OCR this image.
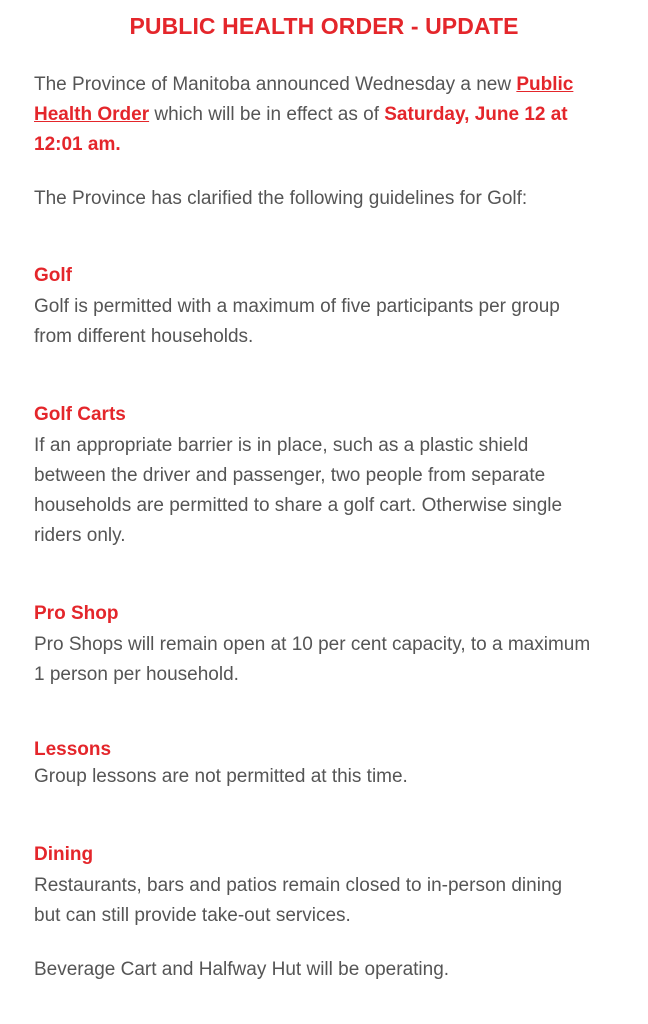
PUBLIC HEALTH ORDER - UPDATE

The Province of Manitoba announced Wednesday a new Public
Health Order which will be in effect as of Saturday, June 12 at
12:01 am.

The Province has clarified the following guidelines for Golf:

Golf

Golf is permitted with a maximum of five participants per group
from different households.

Golf Carts

If an appropriate barrier is in place, such as a plastic shield
between the driver and passenger, two people from separate
households are permitted to share a golf cart. Otherwise single
riders only.

Pro Shop

Pro Shops will remain open at 10 per cent capacity, to a maximum
1 person per household.

Lessons

Group lessons are not permitted at this time.

Dining

Restaurants, bars and patios remain closed to in-person dining
but can still provide take-out services.

Beverage Cart and Halfway Hut will be operating.
